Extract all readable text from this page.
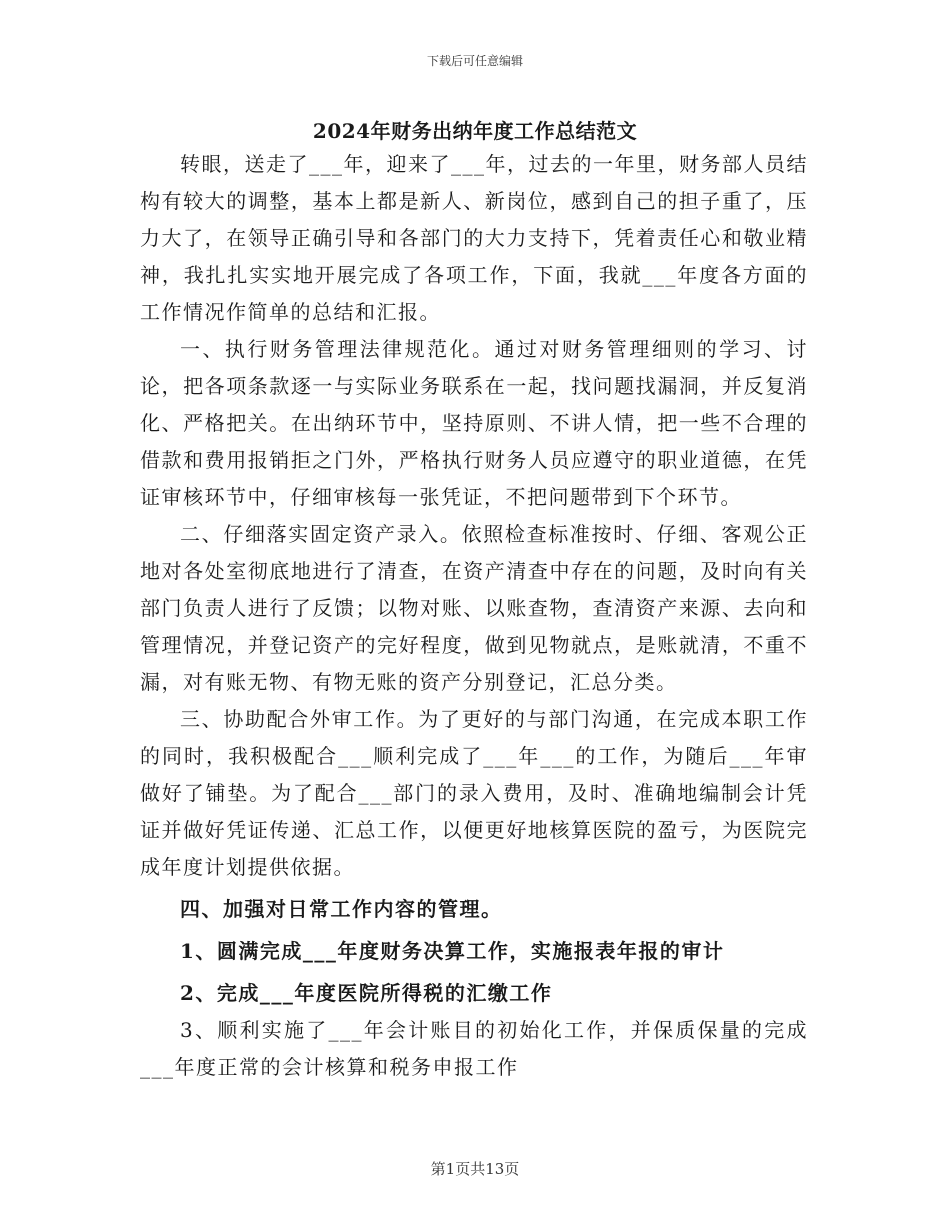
下载后可任意编辑
2024年财务出纳年度工作总结范文

转眼，送走了___年，迎来了___年，过去的一年里，财务部人员结构有较大的调整，基本上都是新人、新岗位，感到自己的担子重了，压力大了，在领导正确引导和各部门的大力支持下，凭着责任心和敬业精神，我扎扎实实地开展完成了各项工作，下面，我就___年度各方面的工作情况作简单的总结和汇报。

一、执行财务管理法律规范化。通过对财务管理细则的学习、讨论，把各项条款逐一与实际业务联系在一起，找问题找漏洞，并反复消化、严格把关。在出纳环节中，坚持原则、不讲人情，把一些不合理的借款和费用报销拒之门外，严格执行财务人员应遵守的职业道德，在凭证审核环节中，仔细审核每一张凭证，不把问题带到下个环节。

二、仔细落实固定资产录入。依照检查标准按时、仔细、客观公正地对各处室彻底地进行了清查，在资产清查中存在的问题，及时向有关部门负责人进行了反馈；以物对账、以账查物，查清资产来源、去向和管理情况，并登记资产的完好程度，做到见物就点，是账就清，不重不漏，对有账无物、有物无账的资产分别登记，汇总分类。

三、协助配合外审工作。为了更好的与部门沟通，在完成本职工作的同时，我积极配合___顺利完成了___年___的工作，为随后___年审做好了铺垫。为了配合___部门的录入费用，及时、准确地编制会计凭证并做好凭证传递、汇总工作，以便更好地核算医院的盈亏，为医院完成年度计划提供依据。

四、加强对日常工作内容的管理。

1、圆满完成___年度财务决算工作，实施报表年报的审计

2、完成___年度医院所得税的汇缴工作

3、顺利实施了___年会计账目的初始化工作，并保质保量的完成___年度正常的会计核算和税务申报工作

第1页共13页
